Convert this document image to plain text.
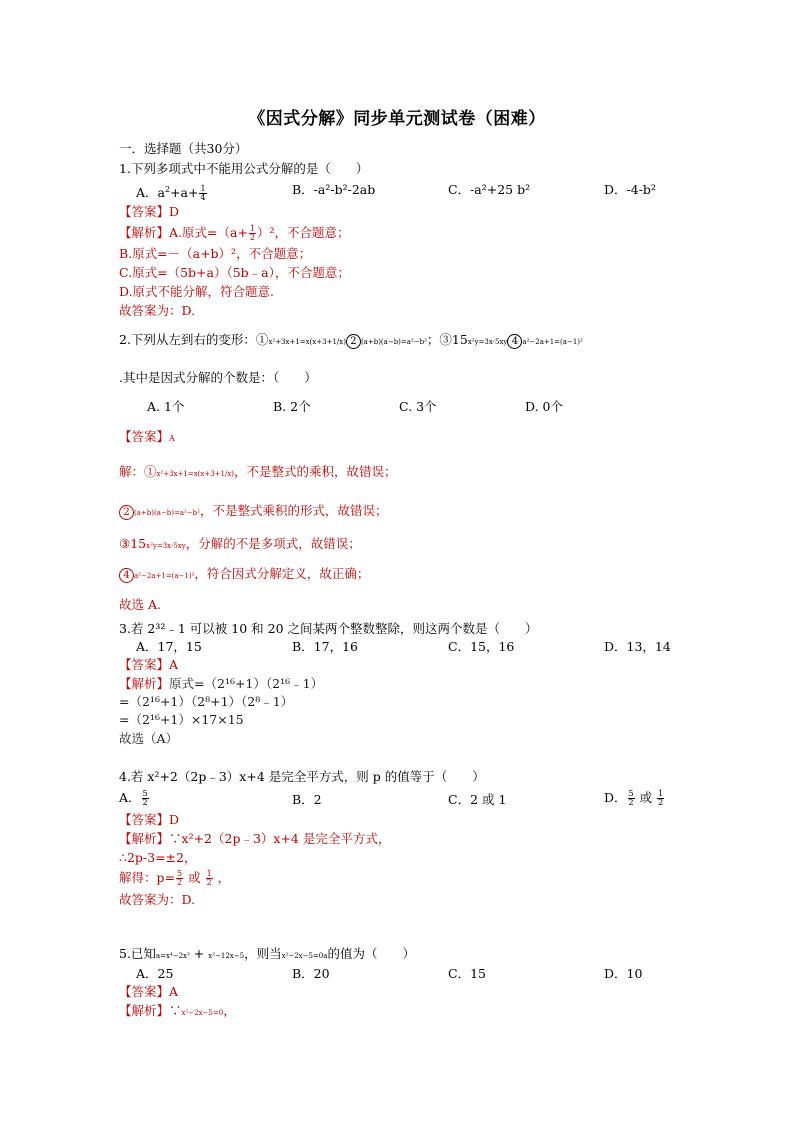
《因式分解》同步单元测试卷（困难）
一．选择题（共30分）
1.下列多项式中不能用公式分解的是（　　）
A．$a^2+a+ \frac{1}{4}$	B．-a²-b²-2ab	C．-a²+25 b²	D．-4-b²
【答案】D
【解析】A.原式$=(a+ \frac{1}{2} )^2$，不合题意；
B.原式=－（a+b）²，不合题意；
C.原式=（5b+a）（5b﹣a），不合题意；
D.原式不能分解，符合题意.
故答案为：D.
2.下列从左到右的变形：①x²+3x+1=x(x+3+1/x) 2 (a+b)(a−b)=a²−b²；③15x²y=3x·5xy 4 a²−2a+1=(a−1)²
.其中是因式分解的个数是：（　　）
A. 1个	B. 2个	C. 3个	D. 0个
【答案】A
解：①x²+3x+1=x(x+3+1/x)，不是整式的乘积，故错误；
2 (a+b)(a−b)=a²−b²，不是整式乘积的形式，故错误；
③15x²y=3x·5xy，分解的不是多项式，故错误；
4 a²−2a+1=(a−1)²，符合因式分解定义，故正确；
故选 A.
3.若 2³²﹣1 可以被 10 和 20 之间某两个整数整除，则这两个数是（　　）
A．17，15	B．17，16	C．15，16	D．13，14
【答案】A
【解析】原式=（2¹⁶+1）（2¹⁶﹣1）
=（2¹⁶+1）（2⁸+1）（2⁸﹣1）
=（2¹⁶+1）×17×15
故选（A）
4.若 x²+2（2p﹣3）x+4 是完全平方式，则 p 的值等于（　　）
A． $\frac{5}{2}$	B．2	C．2 或 1	D． $\frac{5}{2}$ 或 $\frac{1}{2}$
【答案】D
【解析】∵x²+2（2p﹣3）x+4 是完全平方式，
∴2p-3=±2，
解得：$p= \frac{5}{2}$ 或 $\frac{1}{2}$ ，
故答案为：D.
5.已知a=x⁴−2x³ + x²−12x−5，则当x²−2x−5=0a的值为（　　）
A．25	B．20	C．15	D．10
【答案】A
【解析】∵x²−2x−5=0，
